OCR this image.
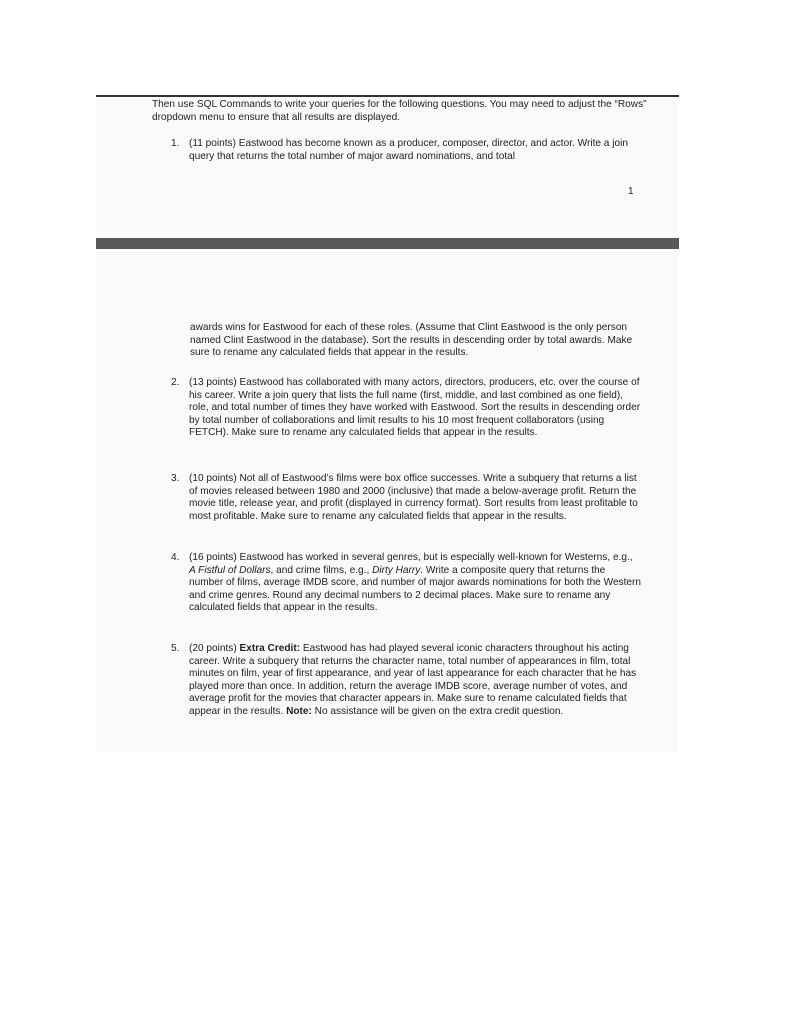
Then use SQL Commands to write your queries for the following questions. You may need to adjust the “Rows” dropdown menu to ensure that all results are displayed.
1. (11 points) Eastwood has become known as a producer, composer, director, and actor. Write a join query that returns the total number of major award nominations, and total
1
awards wins for Eastwood for each of these roles. (Assume that Clint Eastwood is the only person named Clint Eastwood in the database). Sort the results in descending order by total awards. Make sure to rename any calculated fields that appear in the results.
2. (13 points) Eastwood has collaborated with many actors, directors, producers, etc. over the course of his career. Write a join query that lists the full name (first, middle, and last combined as one field), role, and total number of times they have worked with Eastwood. Sort the results in descending order by total number of collaborations and limit results to his 10 most frequent collaborators (using FETCH). Make sure to rename any calculated fields that appear in the results.
3. (10 points) Not all of Eastwood’s films were box office successes. Write a subquery that returns a list of movies released between 1980 and 2000 (inclusive) that made a below-average profit. Return the movie title, release year, and profit (displayed in currency format). Sort results from least profitable to most profitable. Make sure to rename any calculated fields that appear in the results.
4. (16 points) Eastwood has worked in several genres, but is especially well-known for Westerns, e.g., A Fistful of Dollars, and crime films, e.g., Dirty Harry. Write a composite query that returns the number of films, average IMDB score, and number of major awards nominations for both the Western and crime genres. Round any decimal numbers to 2 decimal places. Make sure to rename any calculated fields that appear in the results.
5. (20 points) Extra Credit: Eastwood has had played several iconic characters throughout his acting career. Write a subquery that returns the character name, total number of appearances in film, total minutes on film, year of first appearance, and year of last appearance for each character that he has played more than once. In addition, return the average IMDB score, average number of votes, and average profit for the movies that character appears in. Make sure to rename calculated fields that appear in the results. Note: No assistance will be given on the extra credit question.
